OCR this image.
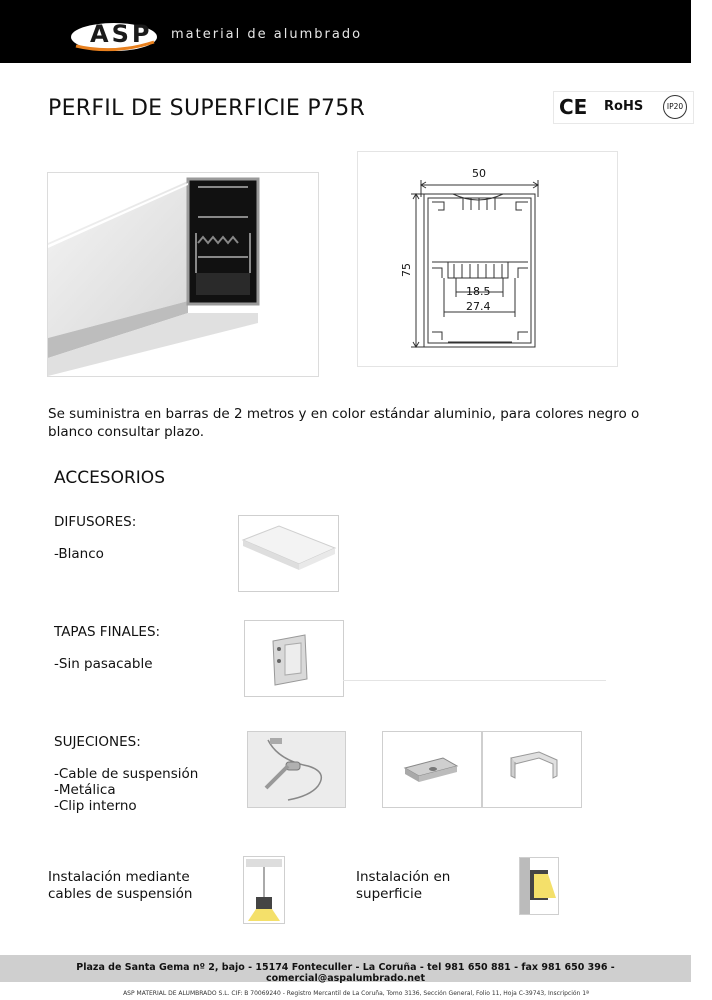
ASP material de alumbrado
PERFIL DE SUPERFICIE P75R	CE RoHS	IP20
50
75
18.5
27.4
Se suministra en barras de 2 metros y en color estándar aluminio, para colores negro o blanco consultar plazo.
ACCESORIOS
DIFUSORES:
-Blanco
TAPAS FINALES:
-Sin pasacable
SUJECIONES:
-Cable de suspensión
-Metálica
-Clip interno
Instalación mediante cables de suspensión
Instalación en superficie
Plaza de Santa Gema nº 2, bajo - 15174 Fonteculler - La Coruña - tel 981 650 881 - fax 981 650 396 - comercial@aspalumbrado.net
ASP MATERIAL DE ALUMBRADO S.L. CIF: B 70069240 - Registro Mercantil de La Coruña, Tomo 3136, Sección General, Folio 11, Hoja C-39743, Inscripción 1ª
